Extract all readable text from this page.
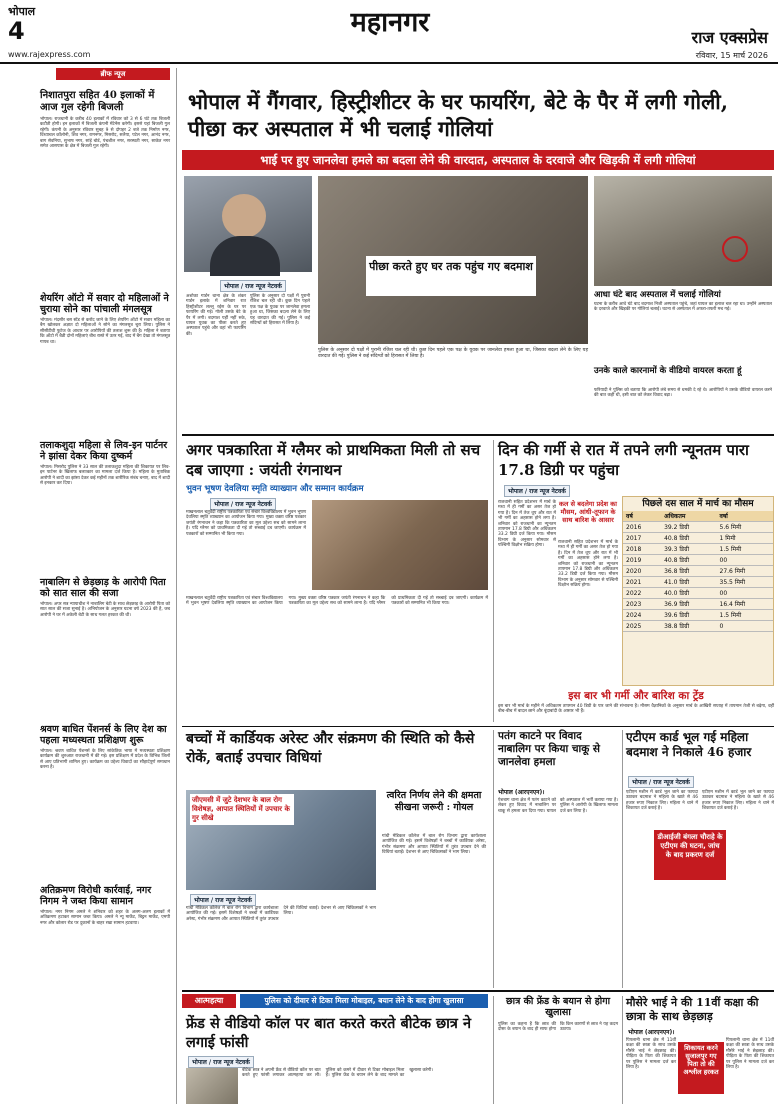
भोपाल
4	महानगर	राज एक्सप्रेस
रविवार, 15 मार्च 2026
www.rajexpress.com
ब्रीफ न्यूज
निशातपुरा सहित 40 इलाकों में आज गुल रहेगी बिजली
भोपाल। राजधानी के करीब 40 इलाकों में रविवार को 3 से 6 घंटे तक बिजली कटौती होगी। इन इलाकों में बिजली कंपनी मेंटेनेंस करेगी। इससे यहां बिजली गुल रहेगी। कंपनी के अनुसार रविवार सुबह 9 से दोपहर 2 बजे तक निर्माण नगर, विंध्याचल कॉलोनी, शिव नगर, रामनगर, मिसरोद, सलैया, पटेल नगर, आनंद नगर, बाग सेवनिया, सुभाष नगर, सांई बोर्ड, पंचशील नगर, सरस्वती नगर, साकेत नगर समेत आसपास के क्षेत्र में बिजली गुल रहेगी।
शेयरिंग ऑटो में सवार दो महिलाओं ने चुराया सोने का पांचाली मंगलसूत्र
भोपाल। मंदसौर बस स्टेंड से करोंद जाने के लिए शेयरिंग ऑटो में सवार महिला का बैग खोलकर अज्ञात दो महिलाओं ने सोने का मंगलसूत्र चुरा लिया। पुलिस ने सीसीटीवी फुटेज के आधार पर आरोपियों की तलाश शुरू की है। महिला ने बताया कि ऑटो में बैठी दोनों महिलाएं बीच रास्ते में उतर गईं, बाद में बैग देखा तो मंगलसूत्र गायब था।
तलाकशुदा महिला से लिव-इन पार्टनर ने झांसा देकर किया दुष्कर्म
भोपाल। मिसरोद पुलिस ने 33 साल की तलाकशुदा महिला की शिकायत पर लिव-इन पार्टनर के खिलाफ बलात्कार का मामला दर्ज किया है। महिला के मुताबिक आरोपी ने शादी का झांसा देकर कई महीनों तक शारीरिक संबंध बनाए, बाद में शादी से इनकार कर दिया।
नाबालिग से छेड़छाड़ के आरोपी पिता को सात साल की सजा
भोपाल। अपर सत्र न्यायाधीश ने नाबालिग बेटी के साथ छेड़छाड़ के आरोपी पिता को सात साल की सजा सुनाई है। अभियोजन के अनुसार घटना वर्ष 2023 की है, जब आरोपी ने घर में अकेली बेटी के साथ गलत हरकत की थी।
श्रवण बाधित पेंशनर्स के लिए देश का पहला मध्यस्थता प्रशिक्षण शुरू
भोपाल। श्रवण बाधित पेंशनर्स के लिए सांकेतिक भाषा में मध्यस्थता प्रशिक्षण कार्यक्रम की शुरुआत राजधानी में की गई। इस प्रशिक्षण में प्रदेश के विभिन्न जिलों से आए प्रतिभागी शामिल हुए। कार्यक्रम का उद्देश्य विवादों का सौहार्दपूर्ण समाधान करना है।
अतिक्रमण विरोधी कार्रवाई, नगर निगम ने जब्त किया सामान
भोपाल। नगर निगम अमले ने शनिवार को शहर के अलग-अलग इलाकों में अतिक्रमण हटाकर सामान जब्त किया। अमले ने न्यू मार्केट, बिट्टन मार्केट, एमपी नगर और कोलार रोड पर दुकानों के बाहर रखा सामान हटवाया।
भोपाल में गैंगवार, हिस्ट्रीशीटर के घर फायरिंग, बेटे के पैर में लगी गोली, पीछा कर अस्पताल में भी चलाई गोलियां
भाई पर हुए जानलेवा हमले का बदला लेने की वारदात, अस्पताल के दरवाजे और खिड़की में लगी गोलियां
भोपाल / राज न्यूज नेटवर्क
अशोका गार्डन थाना क्षेत्र के शंकर गार्डन इलाके में शनिवार रात हिस्ट्रीशीटर लल्लू रईस के घर पर फायरिंग की गई। गोली उसके बेटे के पैर में लगी। बदमाश यहीं नहीं रुके, घायल युवक का पीछा करते हुए अस्पताल पहुंचे और वहां भी फायरिंग की।
पुलिस के अनुसार दो पक्षों में पुरानी रंजिश चल रही थी। कुछ दिन पहले एक पक्ष के युवक पर जानलेवा हमला हुआ था, जिसका बदला लेने के लिए यह वारदात की गई। पुलिस ने कई संदिग्धों को हिरासत में लिया है।
पीछा करते हुए घर तक पहुंच गए बदमाश
पुलिस के अनुसार दो पक्षों में पुरानी रंजिश चल रही थी। कुछ दिन पहले एक पक्ष के युवक पर जानलेवा हमला हुआ था, जिसका बदला लेने के लिए यह वारदात की गई। पुलिस ने कई संदिग्धों को हिरासत में लिया है।
आधा घंटे बाद अस्पताल में चलाई गोलियां
घटना के करीब आधे घंटे बाद बदमाश निजी अस्पताल पहुंचे, जहां घायल का इलाज चल रहा था। उन्होंने अस्पताल के दरवाजे और खिड़की पर गोलियां चलाईं। घटना से अस्पताल में अफरा-तफरी मच गई।
उनके काले कारनामों के वीडियो वायरल करता हूं
फरियादी ने पुलिस को बताया कि आरोपी लंबे समय से धमकी दे रहे थे। आरोपियों ने उसके वीडियो वायरल करने की बात कही थी, इसी बात को लेकर विवाद बढ़ा।
अगर पत्रकारिता में ग्लैमर को प्राथमिकता मिली तो सच दब जाएगा : जयंती रंगनाथन
भुवन भूषण देवलिया स्मृति व्याख्यान और सम्मान कार्यक्रम
भोपाल / राज न्यूज नेटवर्क
माखनलाल चतुर्वेदी राष्ट्रीय पत्रकारिता एवं संचार विश्वविद्यालय में भुवन भूषण देवलिया स्मृति व्याख्यान का आयोजन किया गया। मुख्य वक्ता वरिष्ठ पत्रकार जयंती रंगनाथन ने कहा कि पत्रकारिता का मूल उद्देश्य सच को सामने लाना है। यदि ग्लैमर को प्राथमिकता दी गई तो सच्चाई दब जाएगी। कार्यक्रम में पत्रकारों को सम्मानित भी किया गया।
माखनलाल चतुर्वेदी राष्ट्रीय पत्रकारिता एवं संचार विश्वविद्यालय में भुवन भूषण देवलिया स्मृति व्याख्यान का आयोजन किया गया। मुख्य वक्ता वरिष्ठ पत्रकार जयंती रंगनाथन ने कहा कि पत्रकारिता का मूल उद्देश्य सच को सामने लाना है। यदि ग्लैमर को प्राथमिकता दी गई तो सच्चाई दब जाएगी। कार्यक्रम में पत्रकारों को सम्मानित भी किया गया।
दिन की गर्मी से रात में तपने लगी न्यूनतम पारा 17.8 डिग्री पर पहुंचा
भोपाल / राज न्यूज नेटवर्क
राजधानी सहित प्रदेशभर में मार्च के मध्य में ही गर्मी का असर तेज हो गया है। दिन में तेज धूप और रात में भी गर्मी का अहसास होने लगा है। शनिवार को राजधानी का न्यूनतम तापमान 17.8 डिग्री और अधिकतम 33.2 डिग्री दर्ज किया गया। मौसम विभाग के अनुसार सोमवार से पश्चिमी विक्षोभ सक्रिय होगा।
कल से बदलेगा प्रदेश का मौसम, आंधी-तूफान के साथ बारिश के आसार
राजधानी सहित प्रदेशभर में मार्च के मध्य में ही गर्मी का असर तेज हो गया है। दिन में तेज धूप और रात में भी गर्मी का अहसास होने लगा है। शनिवार को राजधानी का न्यूनतम तापमान 17.8 डिग्री और अधिकतम 33.2 डिग्री दर्ज किया गया। मौसम विभाग के अनुसार सोमवार से पश्चिमी विक्षोभ सक्रिय होगा।
पिछले दस साल में मार्च का मौसम
वर्ष	अधिकतम	वर्षा
2016	39.2 डिग्री	5.6 मिमी
2017	40.8 डिग्री	1 मिमी
2018	39.3 डिग्री	1.5 मिमी
2019	40.8 डिग्री	00
2020	36.8 डिग्री	27.6 मिमी
2021	41.0 डिग्री	35.5 मिमी
2022	40.0 डिग्री	00
2023	36.9 डिग्री	16.4 मिमी
2024	39.6 डिग्री	1.5 मिमी
2025	38.8 डिग्री	0
इस बार भी गर्मी और बारिश का ट्रेंड
इस बार भी मार्च के महीने में अधिकतम तापमान 40 डिग्री के पार जाने की संभावना है। मौसम वैज्ञानिकों के अनुसार मार्च के आखिरी सप्ताह में तापमान तेजी से बढ़ेगा, वहीं बीच-बीच में बादल छाने और बूंदाबांदी के आसार भी हैं।
बच्चों में कार्डियक अरेस्ट और संक्रमण की स्थिति को कैसे रोकें, बताई उपचार विधियां
जीएमसी में जुटे देशभर के बाल रोग विशेषज्ञ, आपात स्थितियों में उपचार के गुर सीखे
भोपाल / राज न्यूज नेटवर्क
गांधी मेडिकल कॉलेज में बाल रोग विभाग द्वारा कार्यशाला आयोजित की गई। इसमें विशेषज्ञों ने बच्चों में कार्डियक अरेस्ट, गंभीर संक्रमण और आपात स्थितियों में तुरंत उपचार देने की विधियां बताईं। देशभर से आए चिकित्सकों ने भाग लिया।
त्वरित निर्णय लेने की क्षमता सीखना जरूरी : गोयल
गांधी मेडिकल कॉलेज में बाल रोग विभाग द्वारा कार्यशाला आयोजित की गई। इसमें विशेषज्ञों ने बच्चों में कार्डियक अरेस्ट, गंभीर संक्रमण और आपात स्थितियों में तुरंत उपचार देने की विधियां बताईं। देशभर से आए चिकित्सकों ने भाग लिया।
पतंग काटने पर विवाद नाबालिग पर किया चाकू से जानलेवा हमला
भोपाल (आरएनएन)।
ऐशबाग थाना क्षेत्र में पतंग काटने को लेकर हुए विवाद में नाबालिग पर चाकू से हमला कर दिया गया। घायल को अस्पताल में भर्ती कराया गया है। पुलिस ने आरोपी के खिलाफ मामला दर्ज कर लिया है।
एटीएम कार्ड भूल गई महिला बदमाश ने निकाले 46 हजार
भोपाल / राज न्यूज नेटवर्क
एटीएम मशीन में कार्ड भूल जाने का फायदा उठाकर बदमाश ने महिला के खाते से 46 हजार रुपए निकाल लिए। महिला ने थाने में शिकायत दर्ज कराई है।
डीआईजी बंगला चौराहे के एटीएम की घटना, जांच के बाद प्रकरण दर्ज
एटीएम मशीन में कार्ड भूल जाने का फायदा उठाकर बदमाश ने महिला के खाते से 46 हजार रुपए निकाल लिए। महिला ने थाने में शिकायत दर्ज कराई है।
आत्महत्या	पुलिस को दीवार से टिका मिला मोबाइल, बयान लेने के बाद होगा खुलासा
फ्रेंड से वीडियो कॉल पर बात करते करते बीटेक छात्र ने लगाई फांसी
भोपाल / राज न्यूज नेटवर्क
बीटेक छात्र ने अपनी फ्रेंड से वीडियो कॉल पर बात करते हुए फांसी लगाकर आत्महत्या कर ली। पुलिस को कमरे में दीवार से टिका मोबाइल मिला है। पुलिस फ्रेंड के बयान लेने के बाद मामले का खुलासा करेगी।
छात्र की फ्रेंड के बयान से होगा खुलासा
पुलिस का कहना है कि छात्र की दोस्त के बयान के बाद ही साफ होगा कि किन कारणों से छात्र ने यह कदम उठाया।
मौसेरे भाई ने की 11वीं कक्षा की छात्रा के साथ छेड़छाड़
भोपाल (आरएनएन)।
पिपलानी थाना क्षेत्र में 11वीं कक्षा की छात्रा के साथ उसके मौसेरे भाई ने छेड़छाड़ की। पीड़िता के पिता की शिकायत पर पुलिस ने मामला दर्ज कर लिया है।
शिकायत करने सुजालपुर गए पिता तो की अश्लील हरकत
पिपलानी थाना क्षेत्र में 11वीं कक्षा की छात्रा के साथ उसके मौसेरे भाई ने छेड़छाड़ की। पीड़िता के पिता की शिकायत पर पुलिस ने मामला दर्ज कर लिया है।
